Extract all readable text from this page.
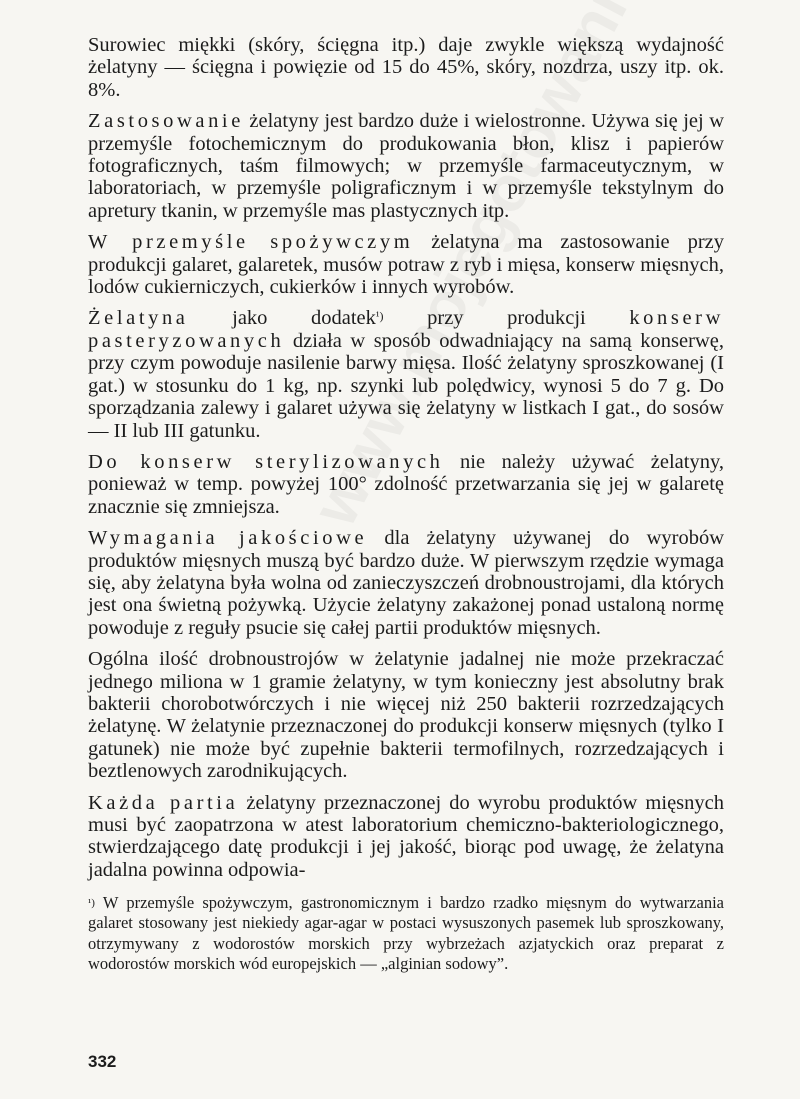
Surowiec miękki (skóry, ścięgna itp.) daje zwykle większą wydajność żelatyny — ścięgna i powięzie od 15 do 45%, skóry, nozdrza, uszy itp. ok. 8%.

Zastosowanie żelatyny jest bardzo duże i wielostronne. Używa się jej w przemyśle fotochemicznym do produkowania błon, klisz i papierów fotograficznych, taśm filmowych; w przemyśle farmaceutycznym, w laboratoriach, w przemyśle poligraficznym i w przemyśle tekstylnym do apretury tkanin, w przemyśle mas plastycznych itp.

W przemyśle spożywczym żelatyna ma zastosowanie przy produkcji galaret, galaretek, musów potraw z ryb i mięsa, konserw mięsnych, lodów cukierniczych, cukierków i innych wyrobów.

Żelatyna jako dodatek$^{^1)}$ przy produkcji konserw pasteryzowanych działa w sposób odwadniający na samą konserwę, przy czym powoduje nasilenie barwy mięsa. Ilość żelatyny sproszkowanej (I gat.) w stosunku do 1 kg, np. szynki lub polędwicy, wynosi 5 do 7 g. Do sporządzania zalewy i galaret używa się żelatyny w listkach I gat., do sosów — II lub III gatunku.

Do konserw sterylizowanych nie należy używać żelatyny, ponieważ w temp. powyżej 100° zdolność przetwarzania się jej w galaretę znacznie się zmniejsza.

Wymagania jakościowe dla żelatyny używanej do wyrobów produktów mięsnych muszą być bardzo duże. W pierwszym rzędzie wymaga się, aby żelatyna była wolna od zanieczyszczeń drobnoustrojami, dla których jest ona świetną pożywką. Użycie żelatyny zakażonej ponad ustaloną normę powoduje z reguły psucie się całej partii produktów mięsnych.

Ogólna ilość drobnoustrojów w żelatynie jadalnej nie może przekraczać jednego miliona w 1 gramie żelatyny, w tym konieczny jest absolutny brak bakterii chorobotwórczych i nie więcej niż 250 bakterii rozrzedzających żelatynę. W żelatynie przeznaczonej do produkcji konserw mięsnych (tylko I gatunek) nie może być zupełnie bakterii termofilnych, rozrzedzających i beztlenowych zarodnikujących.

Każda partia żelatyny przeznaczonej do wyrobu produktów mięsnych musi być zaopatrzona w atest laboratorium chemiczno-bakteriologicznego, stwierdzającego datę produkcji i jej jakość, biorąc pod uwagę, że żelatyna jadalna powinna odpowia-

$^{^1)}$ W przemyśle spożywczym, gastronomicznym i bardzo rzadko mięsnym do wytwarzania galaret stosowany jest niekiedy agar-agar w postaci wysuszonych pasemek lub sproszkowany, otrzymywany z wodorostów morskich przy wybrzeżach azjatyckich oraz preparat z wodorostów morskich wód europejskich — „alginian sodowy”.
332
